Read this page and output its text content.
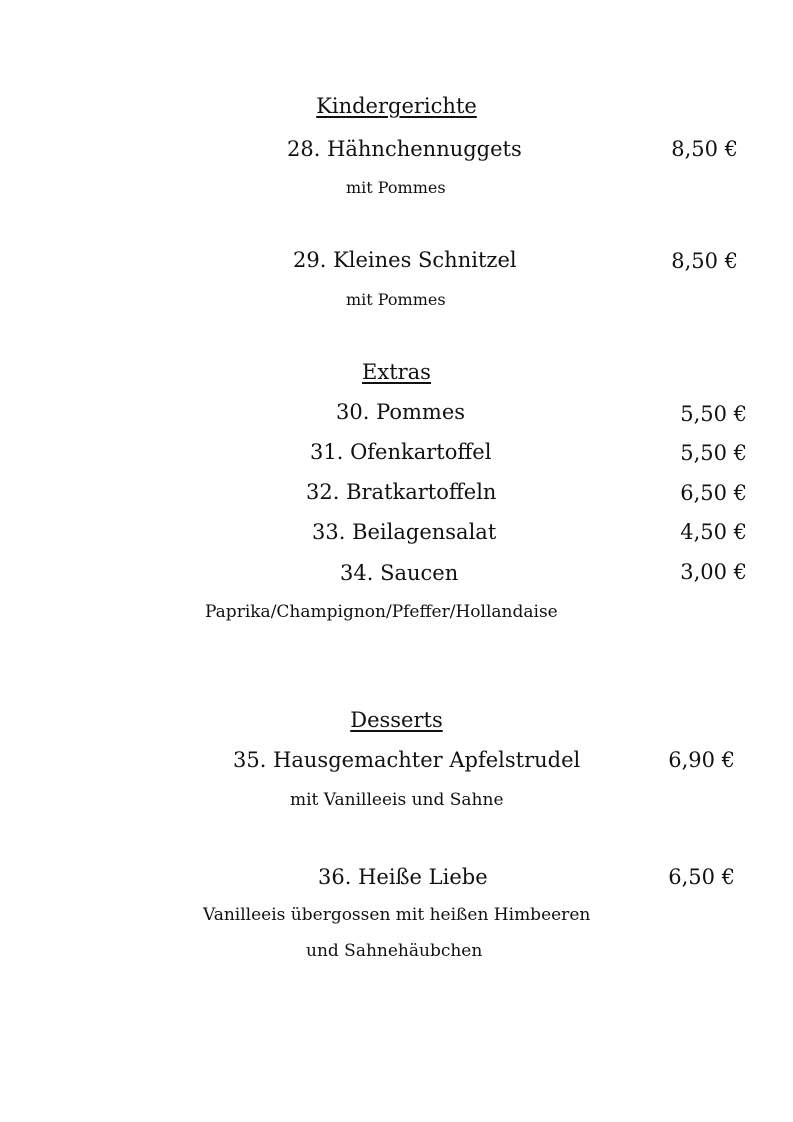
Kindergerichte
28. Hähnchennuggets	8,50 €
mit Pommes
29. Kleines Schnitzel	8,50 €
mit Pommes
Extras
30. Pommes	5,50 €
31. Ofenkartoffel	5,50 €
32. Bratkartoffeln	6,50 €
33. Beilagensalat	4,50 €
34. Saucen	3,00 €
Paprika/Champignon/Pfeffer/Hollandaise
Desserts
35. Hausgemachter Apfelstrudel	6,90 €
mit Vanilleeis und Sahne
36. Heiße Liebe	6,50 €
Vanilleeis übergossen mit heißen Himbeeren
und Sahnehäubchen
